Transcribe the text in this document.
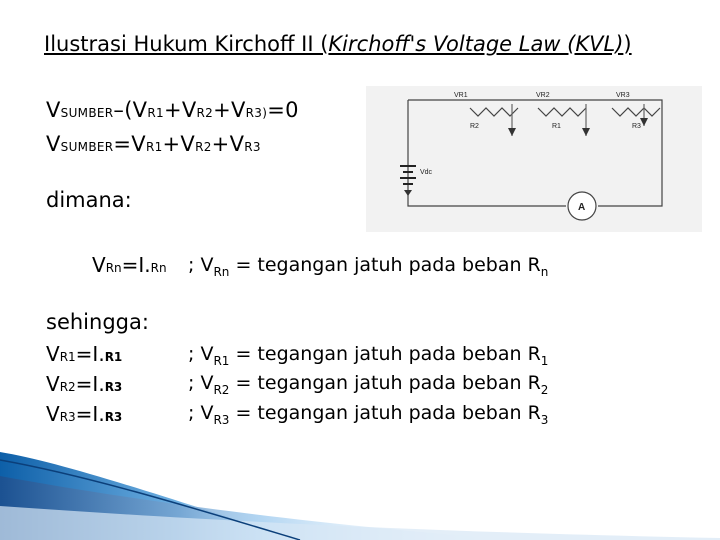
Ilustrasi Hukum Kirchoff II (Kirchoff's Voltage Law (KVL))
VSUMBER–(VR1+VR2+VR3)=0
VSUMBER=VR1+VR2+VR3
dimana:
VRn=I.Rn ; $V_{Rn}$ = tegangan jatuh pada beban $R_n$
sehingga:
VR1=I.R1	; $V_{R1}$ = tegangan jatuh pada beban $R_1$
VR2=I.R3	; $V_{R2}$ = tegangan jatuh pada beban $R_2$
VR3=I.R3	; $V_{R3}$ = tegangan jatuh pada beban $R_3$
VR1	VR2	VR3
R2	R1	R3
Vdc
A
